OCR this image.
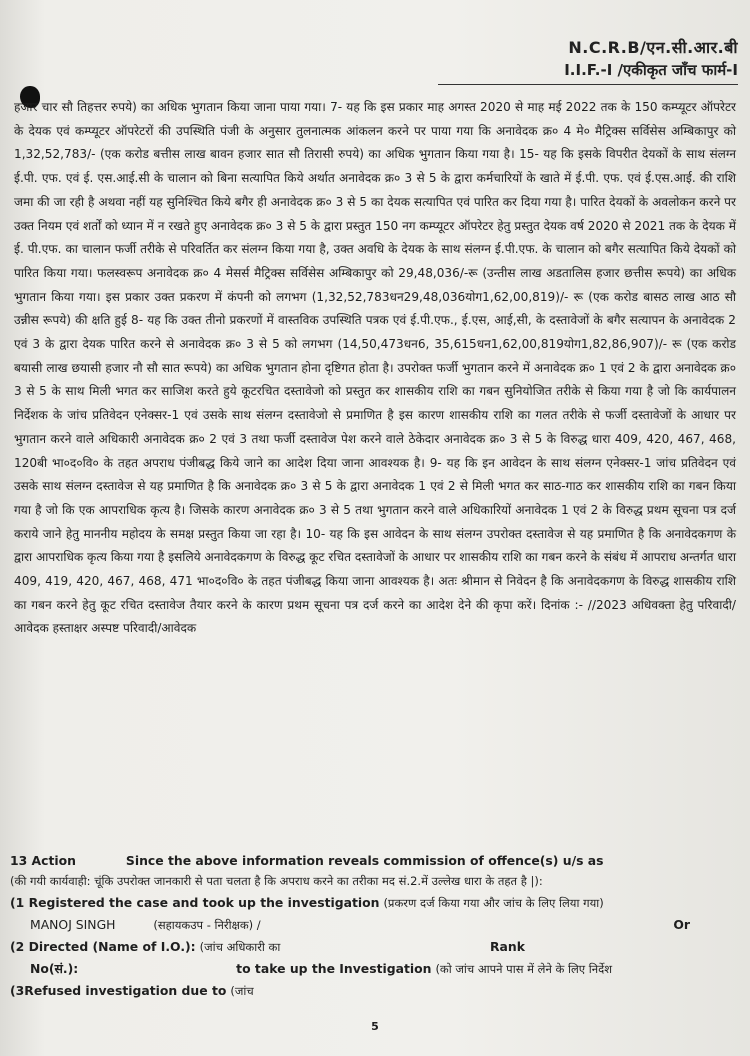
N.C.R.B/एन.सी.आर.बी
I.I.F.-I /एकीकृत जाँच फार्म-I

हजार चार सौ तिहत्तर रुपये) का अधिक भुगतान किया जाना पाया गया। 7- यह कि इस प्रकार माह अगस्त 2020 से माह मई 2022 तक के 150 कम्प्यूटर ऑपरेटर के देयक एवं कम्प्यूटर ऑपरेटरों की उपस्थिति पंजी के अनुसार तुलनात्मक आंकलन करने पर पाया गया कि अनावेदक क्र० 4 मे० मैट्रिक्स सर्विसेस अम्बिकापुर को 1,32,52,783/- (एक करोड बत्तीस लाख बावन हजार सात सौ तिरासी रुपये) का अधिक भुगतान किया गया है। 15- यह कि इसके विपरीत देयकों के साथ संलग्न ई.पी. एफ. एवं ई. एस.आई.सी के चालान को बिना सत्यापित किये अर्थात अनावेदक क्र० 3 से 5 के द्वारा कर्मचारियों के खाते में ई.पी. एफ. एवं ई.एस.आई. की राशि जमा की जा रही है अथवा नहीं यह सुनिश्चित किये बगैर ही अनावेदक क्र० 3 से 5 का देयक सत्यापित एवं पारित कर दिया गया है। पारित देयकों के अवलोकन करने पर उक्त नियम एवं शर्तों को ध्यान में न रखते हुए अनावेदक क्र० 3 से 5 के द्वारा प्रस्तुत 150 नग कम्प्यूटर ऑपरेटर हेतु प्रस्तुत देयक वर्ष 2020 से 2021 तक के देयक में ई. पी.एफ. का चालान फर्जी तरीके से परिवर्तित कर संलग्न किया गया है, उक्त अवधि के देयक के साथ संलग्न ई.पी.एफ. के चालान को बगैर सत्यापित किये देयकों को पारित किया गया। फलस्वरूप अनावेदक क्र० 4 मेसर्स मैट्रिक्स सर्विसेस अम्बिकापुर को 29,48,036/-रू (उन्तीस लाख अडतालिस हजार छत्तीस रूपये) का अधिक भुगतान किया गया। इस प्रकार उक्त प्रकरण में कंपनी को लगभग (1,32,52,783धन29,48,036योग1,62,00,819)/- रू (एक करोड बासठ लाख आठ सौ उन्नीस रूपये) की क्षति हुई 8- यह कि उक्त तीनो प्रकरणों में वास्तविक उपस्थिति पत्रक एवं ई.पी.एफ., ई.एस, आई,सी, के दस्तावेजों के बगैर सत्यापन के अनावेदक 2 एवं 3 के द्वारा देयक पारित करने से अनावेदक क्र० 3 से 5 को लगभग (14,50,473धन6, 35,615धन1,62,00,819योग1,82,86,907)/- रू (एक करोड बयासी लाख छयासी हजार नौ सौ सात रूपये) का अधिक भुगतान होना दृष्टिगत होता है। उपरोक्त फर्जी भुगतान करने में अनावेदक क्र० 1 एवं 2 के द्वारा अनावेदक क्र० 3 से 5 के साथ मिली भगत कर साजिश करते हुये कूटरचित दस्तावेजो को प्रस्तुत कर शासकीय राशि का गबन सुनियोजित तरीके से किया गया है जो कि कार्यपालन निर्देशक के जांच प्रतिवेदन एनेक्सर-1 एवं उसके साथ संलग्न दस्तावेजो से प्रमाणित है इस कारण शासकीय राशि का गलत तरीके से फर्जी दस्तावेजों के आधार पर भुगतान करने वाले अधिकारी अनावेदक क्र० 2 एवं 3 तथा फर्जी दस्तावेज पेश करने वाले ठेकेदार अनावेदक क्र० 3 से 5 के विरुद्ध धारा 409, 420, 467, 468, 120बी भा०द०वि० के तहत अपराध पंजीबद्ध किये जाने का आदेश दिया जाना आवश्यक है। 9- यह कि इन आवेदन के साथ संलग्न एनेक्सर-1 जांच प्रतिवेदन एवं उसके साथ संलग्न दस्तावेज से यह प्रमाणित है कि अनावेदक क्र० 3 से 5 के द्वारा अनावेदक 1 एवं 2 से मिली भगत कर साठ-गाठ कर शासकीय राशि का गबन किया गया है जो कि एक आपराधिक कृत्य है। जिसके कारण अनावेदक क्र० 3 से 5 तथा भुगतान करने वाले अधिकारियों अनावेदक 1 एवं 2 के विरुद्ध प्रथम सूचना पत्र दर्ज कराये जाने हेतु माननीय महोदय के समक्ष प्रस्तुत किया जा रहा है। 10- यह कि इस आवेदन के साथ संलग्न उपरोक्त दस्तावेज से यह प्रमाणित है कि अनावेदकगण के द्वारा आपराधिक कृत्य किया गया है इसलिये अनावेदकगण के विरुद्ध कूट रचित दस्तावेजों के आधार पर शासकीय राशि का गबन करने के संबंध में आपराध अन्तर्गत धारा 409, 419, 420, 467, 468, 471 भा०द०वि० के तहत पंजीबद्ध किया जाना आवश्यक है। अतः श्रीमान से निवेदन है कि अनावेदकगण के विरुद्ध शासकीय राशि का गबन करने हेतु कूट रचित दस्तावेज तैयार करने के कारण प्रथम सूचना पत्र दर्ज करने का आदेश देने की कृपा करें। दिनांक :- //2023 अधिवक्ता हेतु परिवादी/आवेदक हस्ताक्षर अस्पष्ट परिवादी/आवेदक

13 Action	Since the above information reveals commission of offence(s) u/s as
(की गयी कार्यवाही: चूंकि उपरोक्त जानकारी से पता चलता है कि अपराध करने का तरीका मद सं.2.में उल्लेख धारा के तहत है |):
(1 Registered the case and took up the investigation (प्रकरण दर्ज किया गया और जांच के लिए लिया गया)
MANOJ SINGH	(सहायकउप - निरीक्षक) /	Or
(2 Directed (Name of I.O.): (जांच अधिकारी का	Rank
No(सं.):	to take up the Investigation (को जांच आपने पास में लेने के लिए निर्देश
(3Refused investigation due to (जांच
5
